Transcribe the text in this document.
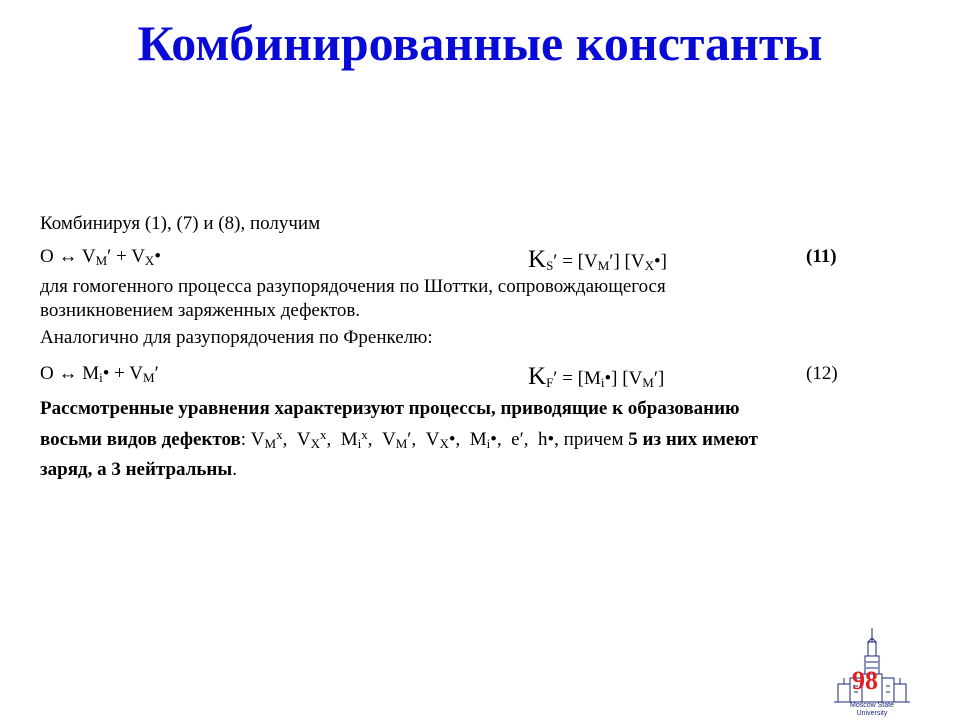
Комбинированные константы
Комбинируя (1), (7) и (8), получим
O ↔ $V_M'$ + $V_X•$	$K_S' = [V_M']$ $[V_X•]$	(11)
для гомогенного процесса разупорядочения по Шоттки, сопровождающегося
возникновением заряженных дефектов.
Аналогично для разупорядочения по Френкелю:
O ↔ $M_i• + V_M'$	$K_F'$ = $[M_i•]$ $[V_M']$	(12)
Рассмотренные уравнения характеризуют процессы, приводящие к образованию
восьми видов дефектов: $V_M^x$,  $V_X^x$,  $M_i^x$,  $V_M'$,  $V_X•$,  $M_i•$,  e′,  h•, причем 5 из них имеют
заряд, а 3 нейтральны.
98
Moscow State
University
